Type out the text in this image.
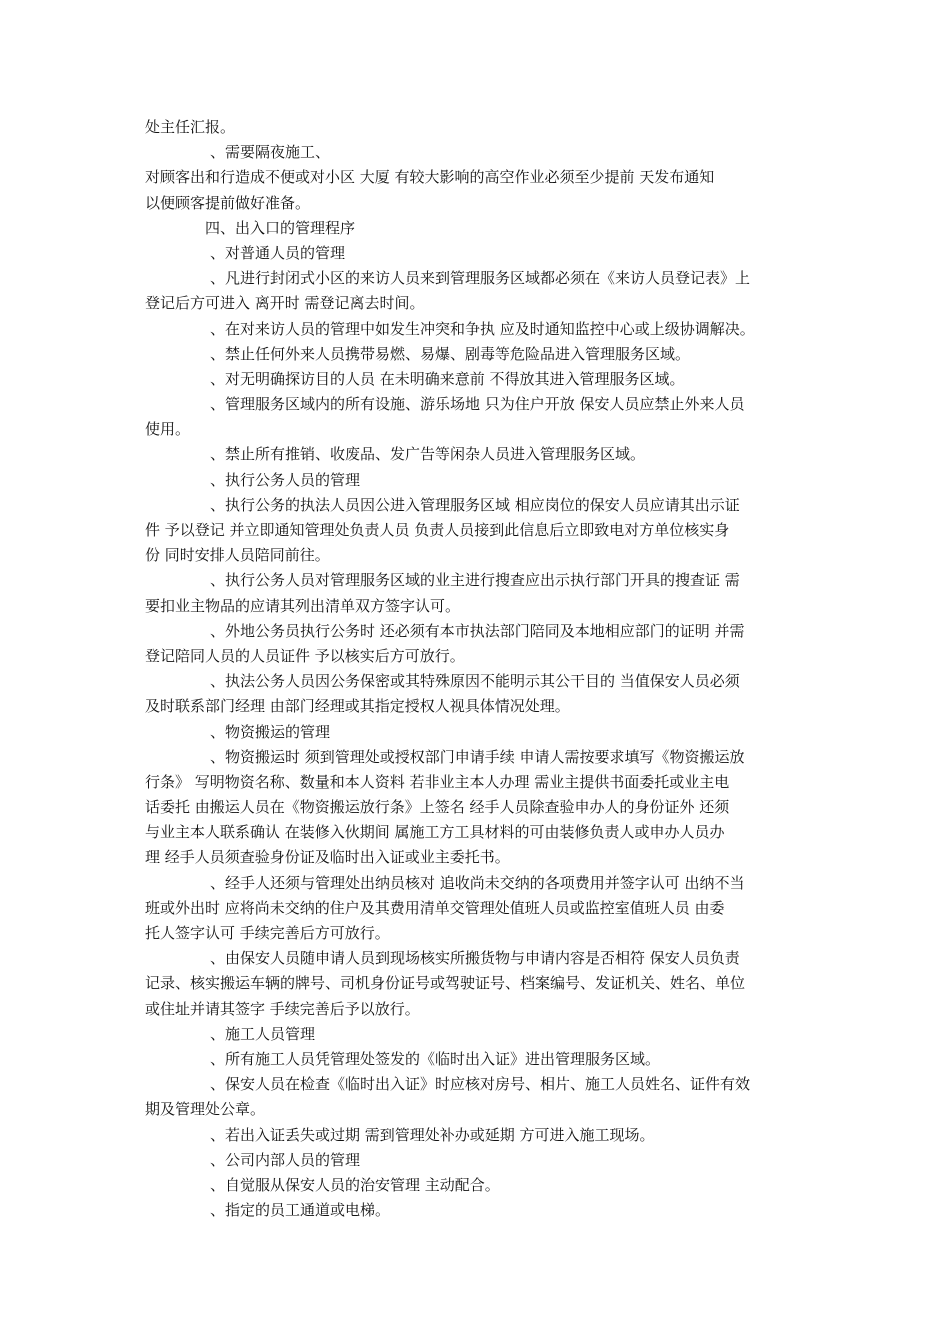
处主任汇报。
、需要隔夜施工、
对顾客出和行造成不便或对小区 大厦 有较大影响的高空作业必须至少提前 天发布通知
以便顾客提前做好准备。
四、出入口的管理程序
、对普通人员的管理
、凡进行封闭式小区的来访人员来到管理服务区域都必须在《来访人员登记表》上
登记后方可进入 离开时 需登记离去时间。
、在对来访人员的管理中如发生冲突和争执 应及时通知监控中心或上级协调解决。
、禁止任何外来人员携带易燃、易爆、剧毒等危险品进入管理服务区域。
、对无明确探访目的人员 在未明确来意前 不得放其进入管理服务区域。
、管理服务区域内的所有设施、游乐场地 只为住户开放 保安人员应禁止外来人员
使用。
、禁止所有推销、收废品、发广告等闲杂人员进入管理服务区域。
、执行公务人员的管理
、执行公务的执法人员因公进入管理服务区域 相应岗位的保安人员应请其出示证
件 予以登记 并立即通知管理处负责人员 负责人员接到此信息后立即致电对方单位核实身
份 同时安排人员陪同前往。
、执行公务人员对管理服务区域的业主进行搜查应出示执行部门开具的搜查证 需
要扣业主物品的应请其列出清单双方签字认可。
、外地公务员执行公务时 还必须有本市执法部门陪同及本地相应部门的证明 并需
登记陪同人员的人员证件 予以核实后方可放行。
、执法公务人员因公务保密或其特殊原因不能明示其公干目的 当值保安人员必须
及时联系部门经理 由部门经理或其指定授权人视具体情况处理。
、物资搬运的管理
、物资搬运时 须到管理处或授权部门申请手续 申请人需按要求填写《物资搬运放
行条》 写明物资名称、数量和本人资料 若非业主本人办理 需业主提供书面委托或业主电
话委托 由搬运人员在《物资搬运放行条》上签名 经手人员除查验申办人的身份证外 还须
与业主本人联系确认 在装修入伙期间 属施工方工具材料的可由装修负责人或申办人员办
理 经手人员须查验身份证及临时出入证或业主委托书。
、经手人还须与管理处出纳员核对 追收尚未交纳的各项费用并签字认可 出纳不当
班或外出时 应将尚未交纳的住户及其费用清单交管理处值班人员或监控室值班人员 由委
托人签字认可 手续完善后方可放行。
、由保安人员随申请人员到现场核实所搬货物与申请内容是否相符 保安人员负责
记录、核实搬运车辆的牌号、司机身份证号或驾驶证号、档案编号、发证机关、姓名、单位
或住址并请其签字 手续完善后予以放行。
、施工人员管理
、所有施工人员凭管理处签发的《临时出入证》进出管理服务区域。
、保安人员在检查《临时出入证》时应核对房号、相片、施工人员姓名、证件有效
期及管理处公章。
、若出入证丢失或过期 需到管理处补办或延期 方可进入施工现场。
、公司内部人员的管理
、自觉服从保安人员的治安管理 主动配合。
、指定的员工通道或电梯。
